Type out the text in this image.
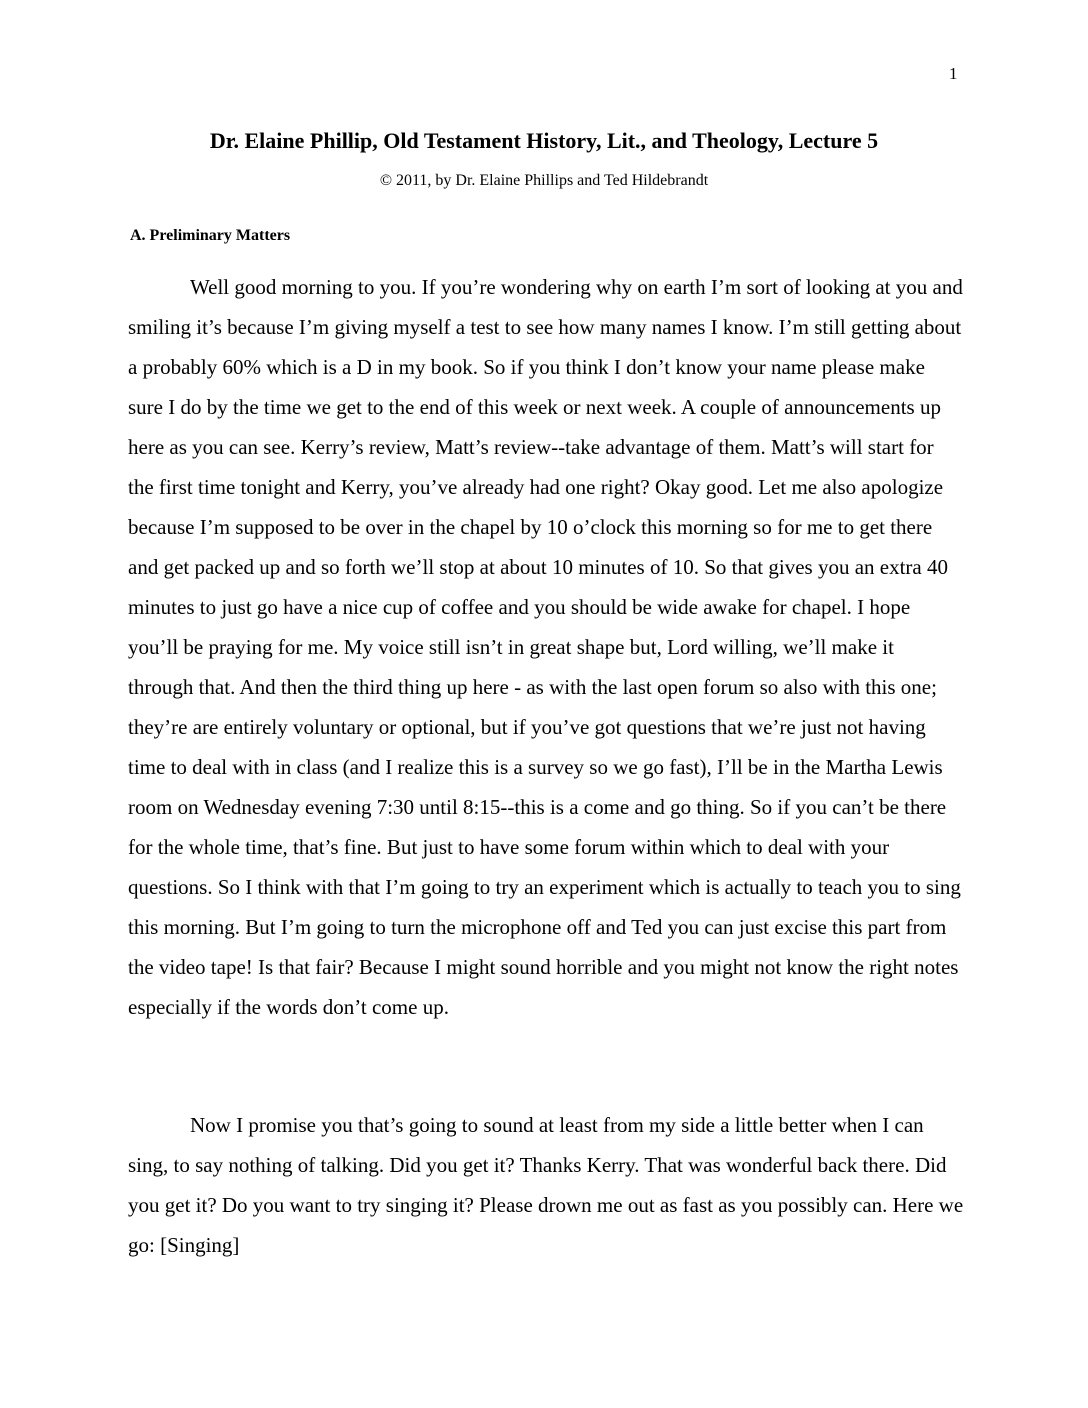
1
Dr. Elaine Phillip, Old Testament History, Lit., and Theology, Lecture 5
© 2011, by Dr. Elaine Phillips and Ted Hildebrandt
A. Preliminary Matters

Well good morning to you. If you’re wondering why on earth I’m sort of looking at you and smiling it’s because I’m giving myself a test to see how many names I know. I’m still getting about a probably 60% which is a D in my book. So if you think I don’t know your name please make sure I do by the time we get to the end of this week or next week. A couple of announcements up here as you can see. Kerry’s review, Matt’s review--take advantage of them. Matt’s will start for the first time tonight and Kerry, you’ve already had one right? Okay good. Let me also apologize because I’m supposed to be over in the chapel by 10 o’clock this morning so for me to get there and get packed up and so forth we’ll stop at about 10 minutes of 10. So that gives you an extra 40 minutes to just go have a nice cup of coffee and you should be wide awake for chapel. I hope you’ll be praying for me. My voice still isn’t in great shape but, Lord willing, we’ll make it through that. And then the third thing up here - as with the last open forum so also with this one; they’re are entirely voluntary or optional, but if you’ve got questions that we’re just not having time to deal with in class (and I realize this is a survey so we go fast), I’ll be in the Martha Lewis room on Wednesday evening 7:30 until 8:15--this is a come and go thing. So if you can’t be there for the whole time, that’s fine. But just to have some forum within which to deal with your questions. So I think with that I’m going to try an experiment which is actually to teach you to sing this morning. But I’m going to turn the microphone off and Ted you can just excise this part from the video tape! Is that fair? Because I might sound horrible and you might not know the right notes especially if the words don’t come up.

Now I promise you that’s going to sound at least from my side a little better when I can sing, to say nothing of talking. Did you get it? Thanks Kerry. That was wonderful back there. Did you get it? Do you want to try singing it? Please drown me out as fast as you possibly can. Here we go: [Singing]
